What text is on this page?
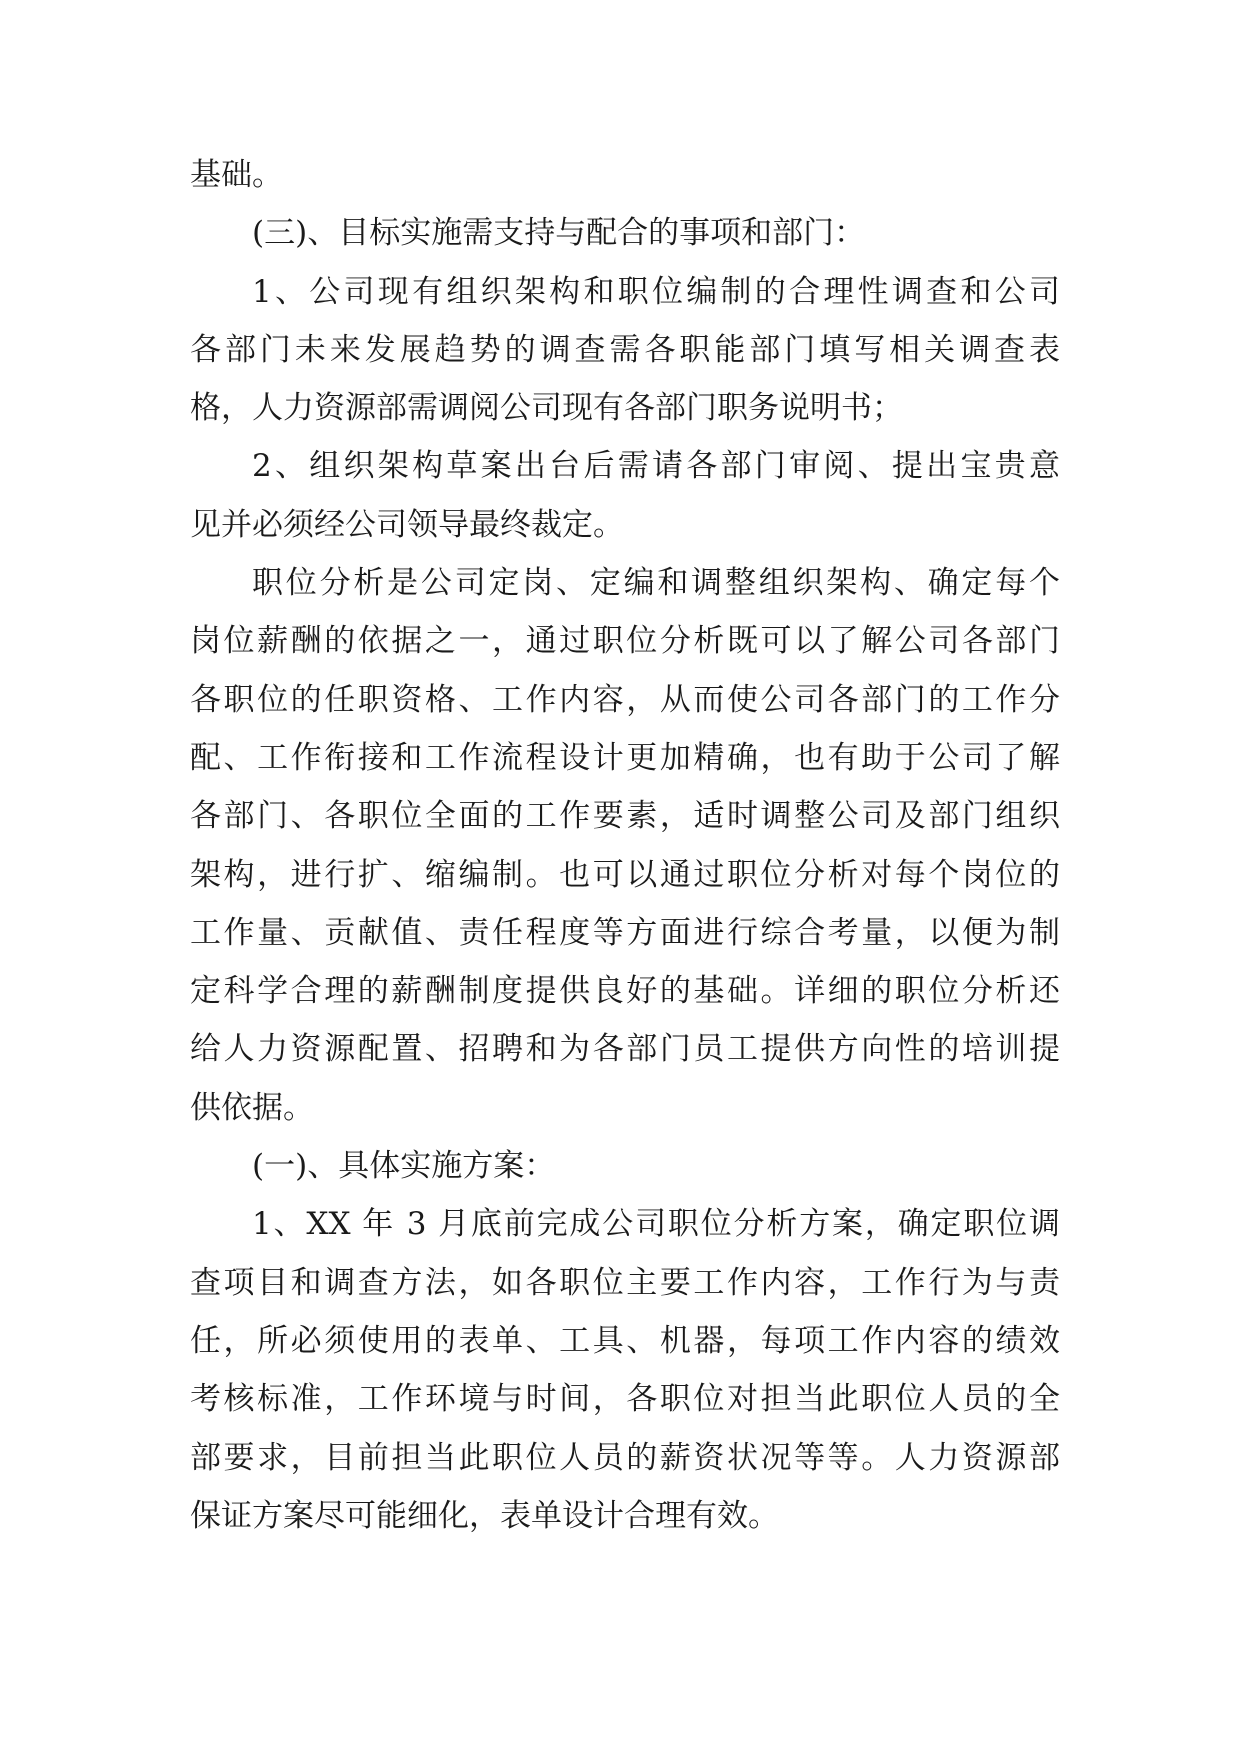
基础。
(三)、目标实施需支持与配合的事项和部门：
1、公司现有组织架构和职位编制的合理性调查和公司
各部门未来发展趋势的调查需各职能部门填写相关调查表
格，人力资源部需调阅公司现有各部门职务说明书；
2、组织架构草案出台后需请各部门审阅、提出宝贵意
见并必须经公司领导最终裁定。
职位分析是公司定岗、定编和调整组织架构、确定每个
岗位薪酬的依据之一，通过职位分析既可以了解公司各部门
各职位的任职资格、工作内容，从而使公司各部门的工作分
配、工作衔接和工作流程设计更加精确，也有助于公司了解
各部门、各职位全面的工作要素，适时调整公司及部门组织
架构，进行扩、缩编制。也可以通过职位分析对每个岗位的
工作量、贡献值、责任程度等方面进行综合考量，以便为制
定科学合理的薪酬制度提供良好的基础。详细的职位分析还
给人力资源配置、招聘和为各部门员工提供方向性的培训提
供依据。
(一)、具体实施方案：
1、XX 年 3 月底前完成公司职位分析方案，确定职位调
查项目和调查方法，如各职位主要工作内容，工作行为与责
任，所必须使用的表单、工具、机器，每项工作内容的绩效
考核标准，工作环境与时间，各职位对担当此职位人员的全
部要求，目前担当此职位人员的薪资状况等等。人力资源部
保证方案尽可能细化，表单设计合理有效。
